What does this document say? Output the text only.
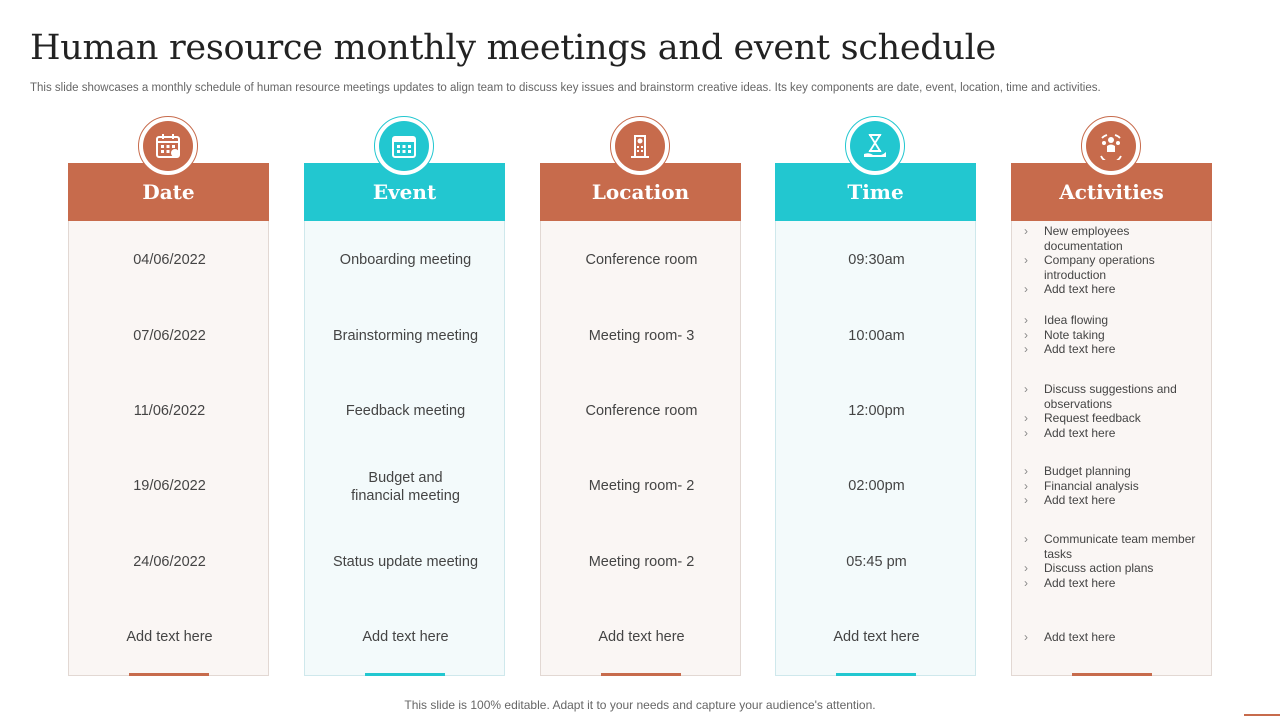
Human resource monthly meetings and event schedule

This slide showcases a monthly schedule of human resource meetings updates to align team to discuss key issues and brainstorm creative ideas. Its key components are date, event, location, time and activities.

04/06/2022
07/06/2022
11/06/2022
19/06/2022
24/06/2022
Add text here
Date
Onboarding meeting
Brainstorming meeting
Feedback meeting
Budget and
financial meeting
Status update meeting
Add text here
Event
Conference room
Meeting room- 3
Conference room
Meeting room- 2
Meeting room- 2
Add text here
Location
09:30am
10:00am
12:00pm
02:00pm
05:45 pm
Add text here
Time
› New employees documentation
› Company operations introduction
› Add text here
› Idea flowing
› Note taking
› Add text here
› Discuss suggestions and observations
› Request feedback
› Add text here
› Budget planning
› Financial analysis
› Add text here
› Communicate team member tasks
› Discuss action plans
› Add text here
› Add text here
Activities

This slide is 100% editable. Adapt it to your needs and capture your audience's attention.
